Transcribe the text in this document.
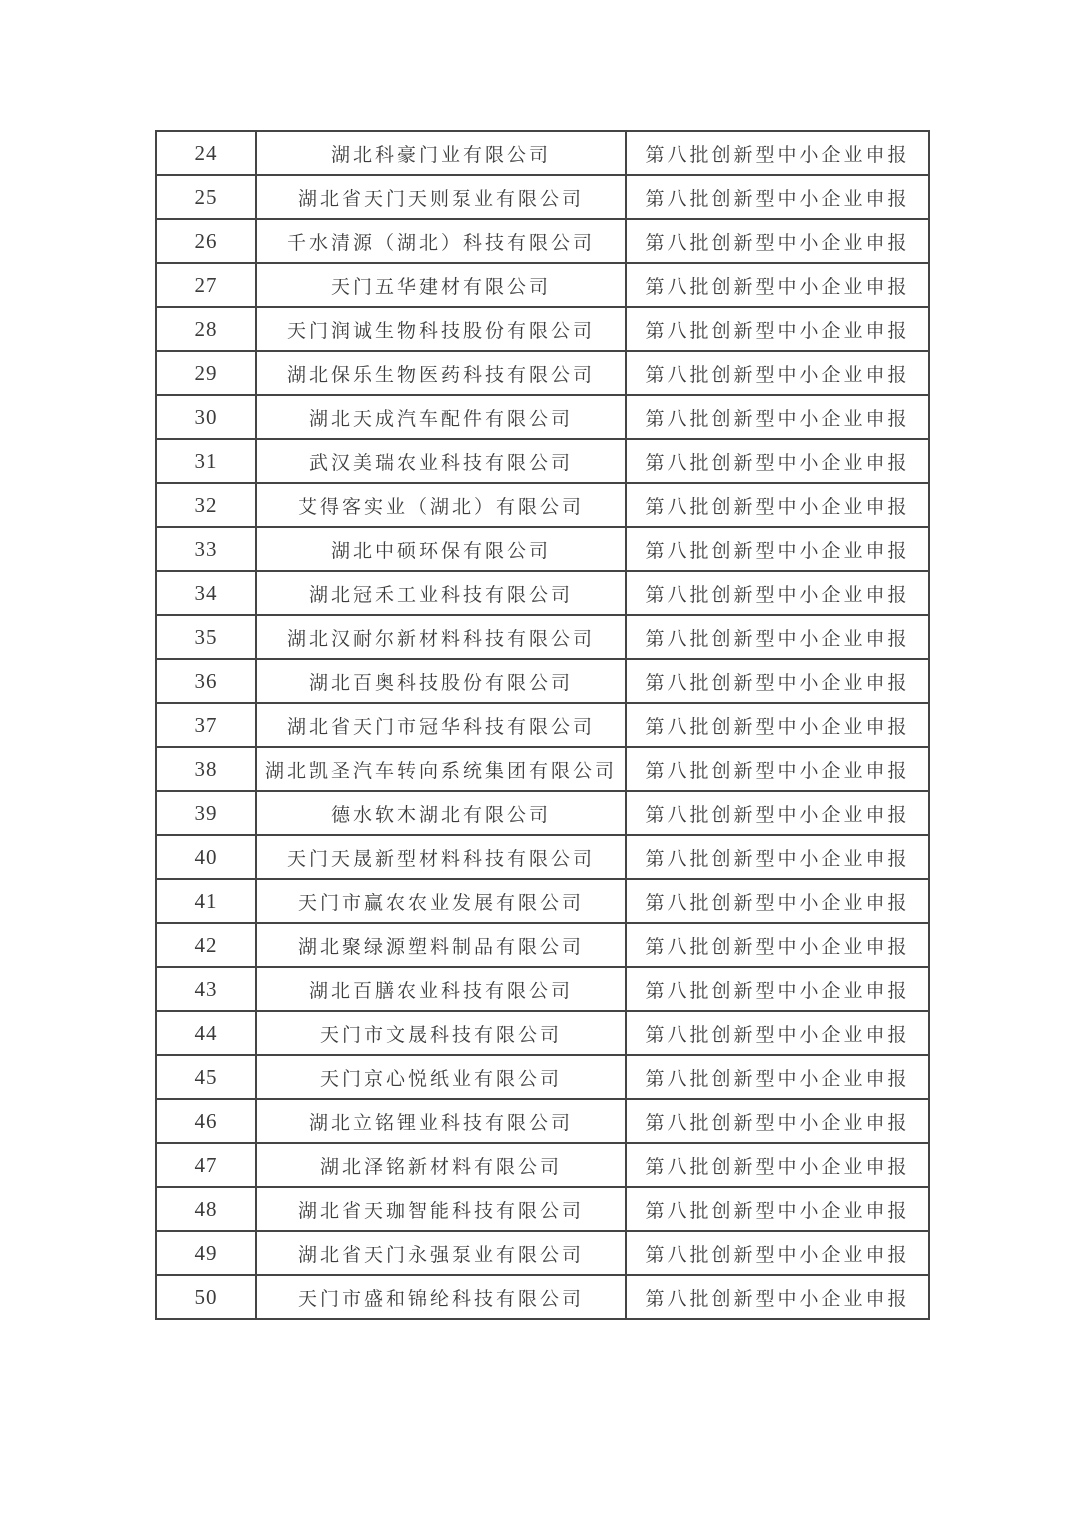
24	湖北科豪门业有限公司	第八批创新型中小企业申报
25	湖北省天门天则泵业有限公司	第八批创新型中小企业申报
26	千水清源（湖北）科技有限公司	第八批创新型中小企业申报
27	天门五华建材有限公司	第八批创新型中小企业申报
28	天门润诚生物科技股份有限公司	第八批创新型中小企业申报
29	湖北保乐生物医药科技有限公司	第八批创新型中小企业申报
30	湖北天成汽车配件有限公司	第八批创新型中小企业申报
31	武汉美瑞农业科技有限公司	第八批创新型中小企业申报
32	艾得客实业（湖北）有限公司	第八批创新型中小企业申报
33	湖北中硕环保有限公司	第八批创新型中小企业申报
34	湖北冠禾工业科技有限公司	第八批创新型中小企业申报
35	湖北汉耐尔新材料科技有限公司	第八批创新型中小企业申报
36	湖北百奥科技股份有限公司	第八批创新型中小企业申报
37	湖北省天门市冠华科技有限公司	第八批创新型中小企业申报
38	湖北凯圣汽车转向系统集团有限公司	第八批创新型中小企业申报
39	德水软木湖北有限公司	第八批创新型中小企业申报
40	天门天晟新型材料科技有限公司	第八批创新型中小企业申报
41	天门市赢农农业发展有限公司	第八批创新型中小企业申报
42	湖北聚绿源塑料制品有限公司	第八批创新型中小企业申报
43	湖北百膳农业科技有限公司	第八批创新型中小企业申报
44	天门市文晟科技有限公司	第八批创新型中小企业申报
45	天门京心悦纸业有限公司	第八批创新型中小企业申报
46	湖北立铭锂业科技有限公司	第八批创新型中小企业申报
47	湖北泽铭新材料有限公司	第八批创新型中小企业申报
48	湖北省天珈智能科技有限公司	第八批创新型中小企业申报
49	湖北省天门永强泵业有限公司	第八批创新型中小企业申报
50	天门市盛和锦纶科技有限公司	第八批创新型中小企业申报
